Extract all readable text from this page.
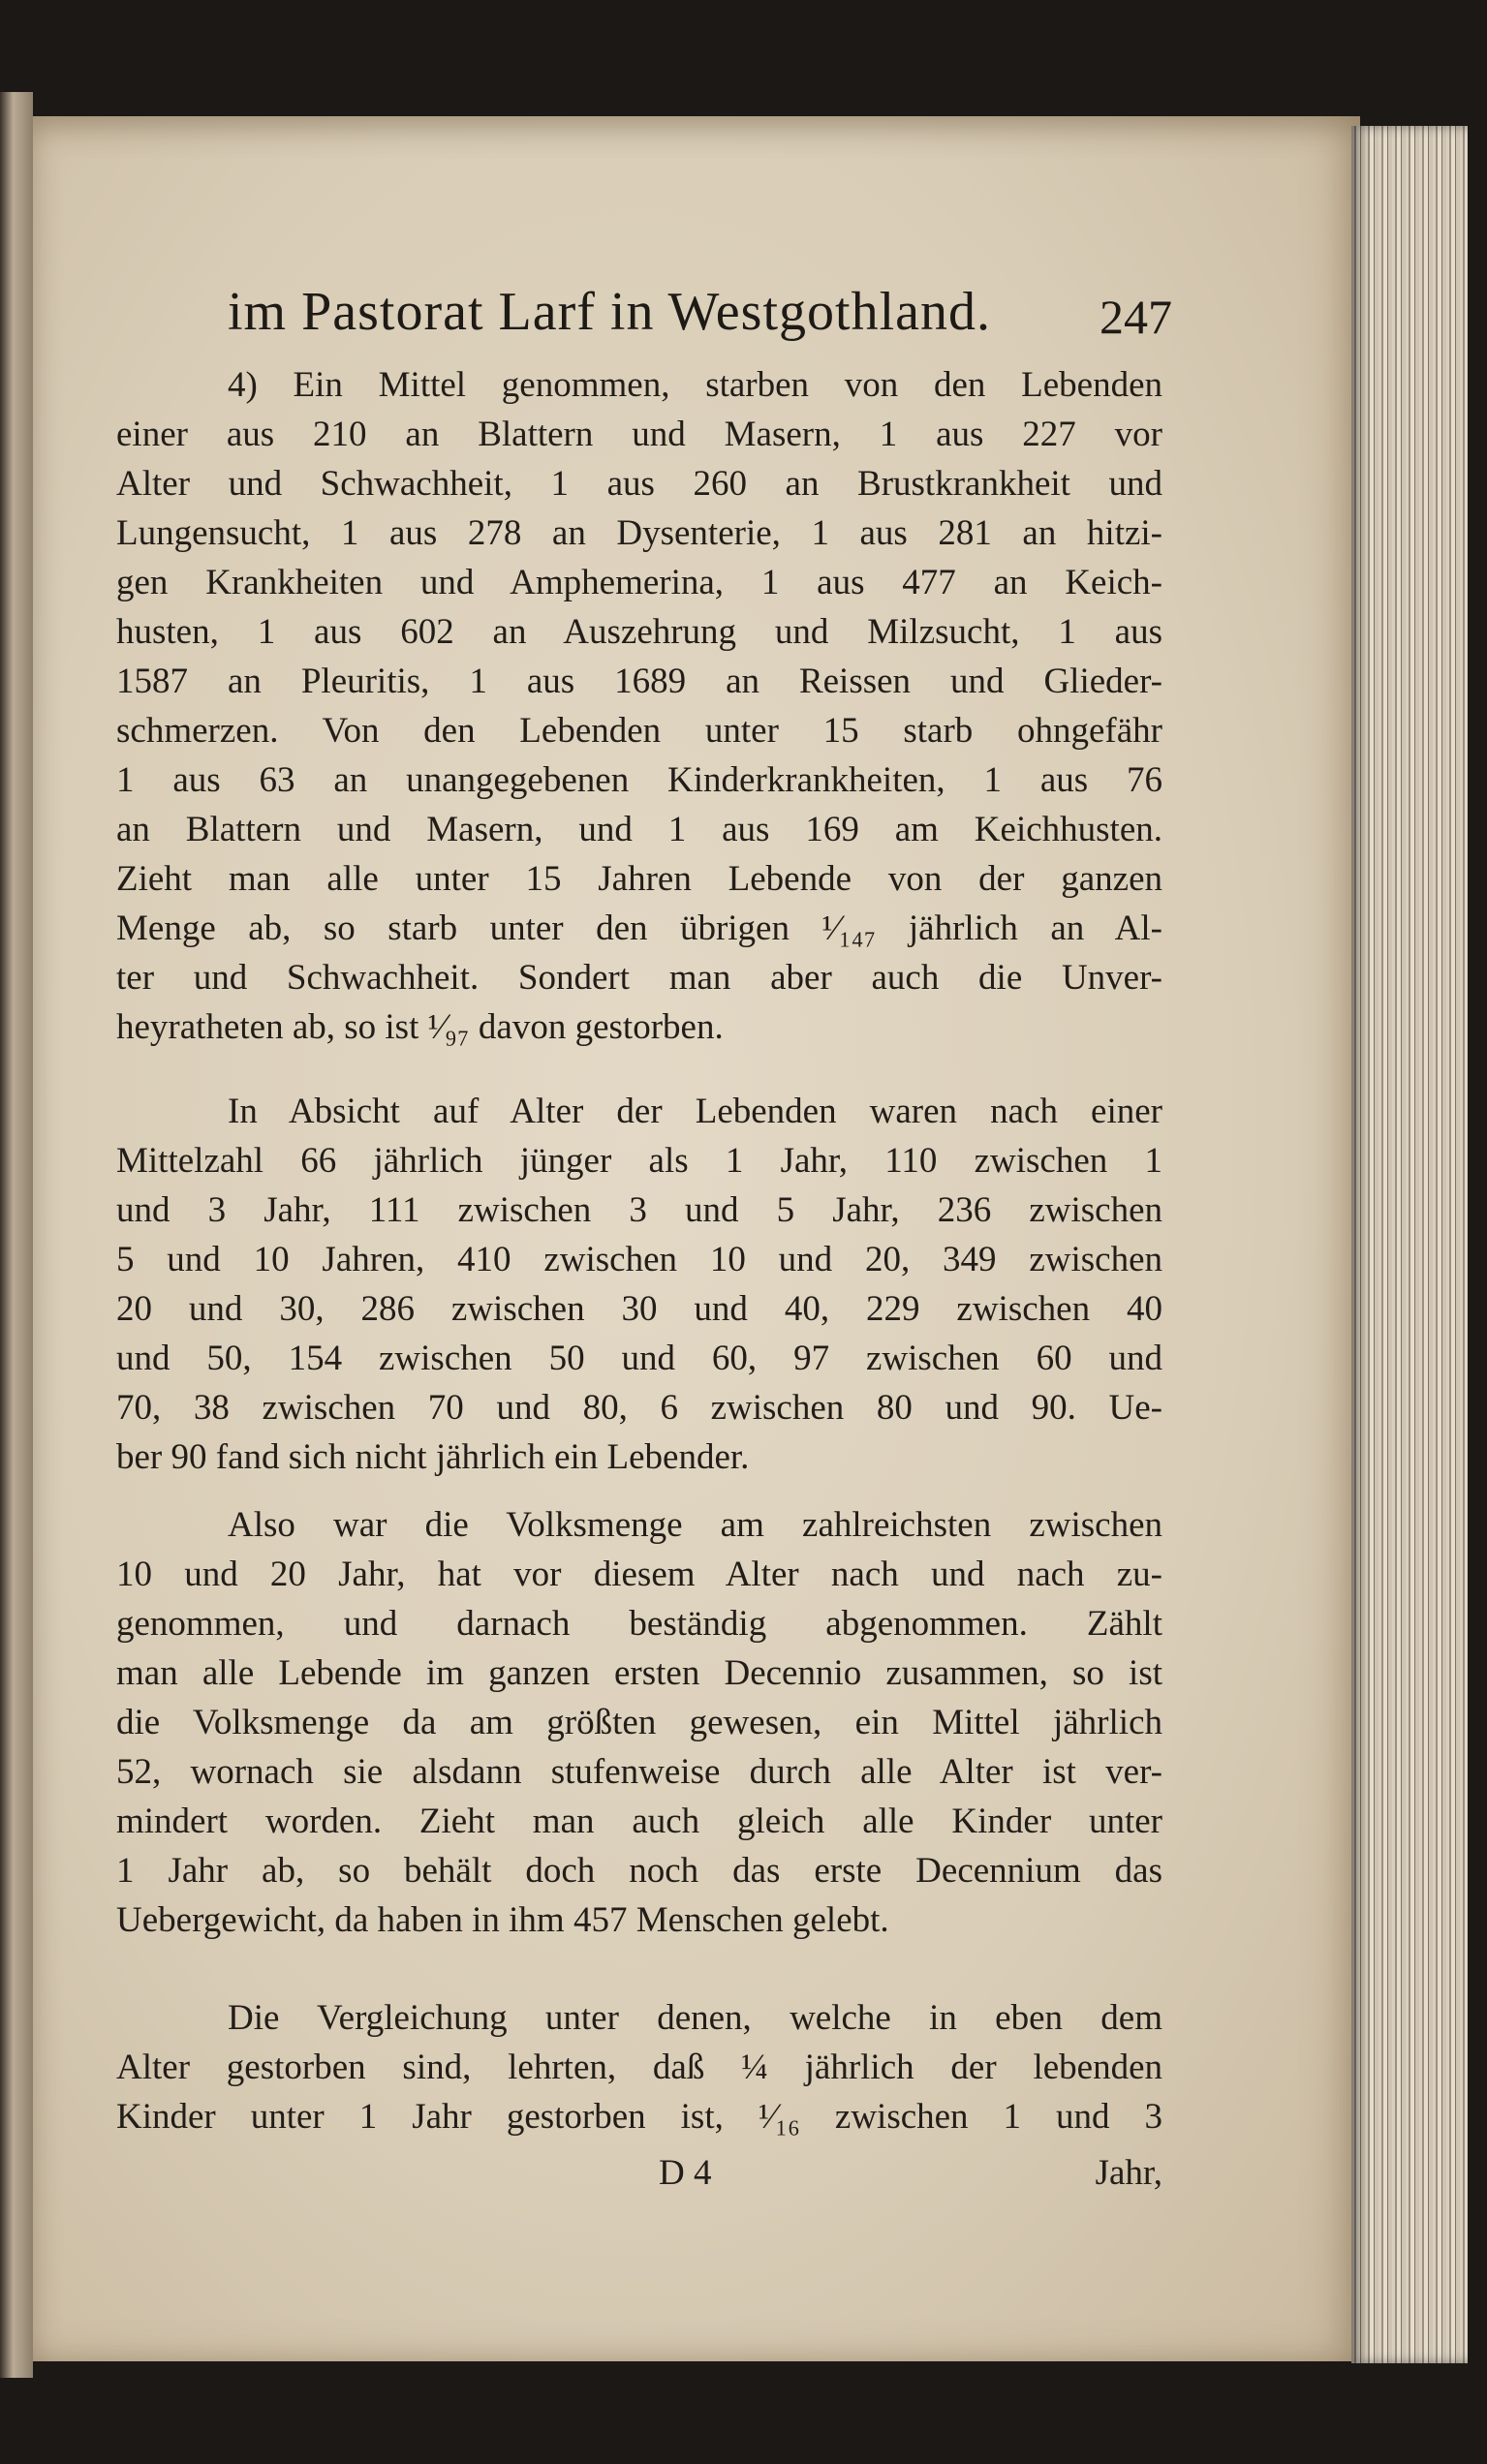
im Pastorat Larf in Westgothland. 247
4) Ein Mittel genommen, starben von den Lebenden
einer aus 210 an Blattern und Masern, 1 aus 227 vor
Alter und Schwachheit, 1 aus 260 an Brustkrankheit und
Lungensucht, 1 aus 278 an Dysenterie, 1 aus 281 an hitzi-
gen Krankheiten und Amphemerina, 1 aus 477 an Keich-
husten, 1 aus 602 an Auszehrung und Milzsucht, 1 aus
1587 an Pleuritis, 1 aus 1689 an Reissen und Glieder-
schmerzen. Von den Lebenden unter 15 starb ohngefähr
1 aus 63 an unangegebenen Kinderkrankheiten, 1 aus 76
an Blattern und Masern, und 1 aus 169 am Keichhusten.
Zieht man alle unter 15 Jahren Lebende von der ganzen
Menge ab, so starb unter den übrigen ¹⁄₁₄₇ jährlich an Al-
ter und Schwachheit. Sondert man aber auch die Unver-
heyratheten ab, so ist ¹⁄₉₇ davon gestorben.
In Absicht auf Alter der Lebenden waren nach einer
Mittelzahl 66 jährlich jünger als 1 Jahr, 110 zwischen 1
und 3 Jahr, 111 zwischen 3 und 5 Jahr, 236 zwischen
5 und 10 Jahren, 410 zwischen 10 und 20, 349 zwischen
20 und 30, 286 zwischen 30 und 40, 229 zwischen 40
und 50, 154 zwischen 50 und 60, 97 zwischen 60 und
70, 38 zwischen 70 und 80, 6 zwischen 80 und 90. Ue-
ber 90 fand sich nicht jährlich ein Lebender.
Also war die Volksmenge am zahlreichsten zwischen
10 und 20 Jahr, hat vor diesem Alter nach und nach zu-
genommen, und darnach beständig abgenommen. Zählt
man alle Lebende im ganzen ersten Decennio zusammen, so ist
die Volksmenge da am größten gewesen, ein Mittel jährlich
52, wornach sie alsdann stufenweise durch alle Alter ist ver-
mindert worden. Zieht man auch gleich alle Kinder unter
1 Jahr ab, so behält doch noch das erste Decennium das
Uebergewicht, da haben in ihm 457 Menschen gelebt.
Die Vergleichung unter denen, welche in eben dem
Alter gestorben sind, lehrten, daß ¼ jährlich der lebenden
Kinder unter 1 Jahr gestorben ist, ¹⁄₁₆ zwischen 1 und 3
D 4	Jahr,
